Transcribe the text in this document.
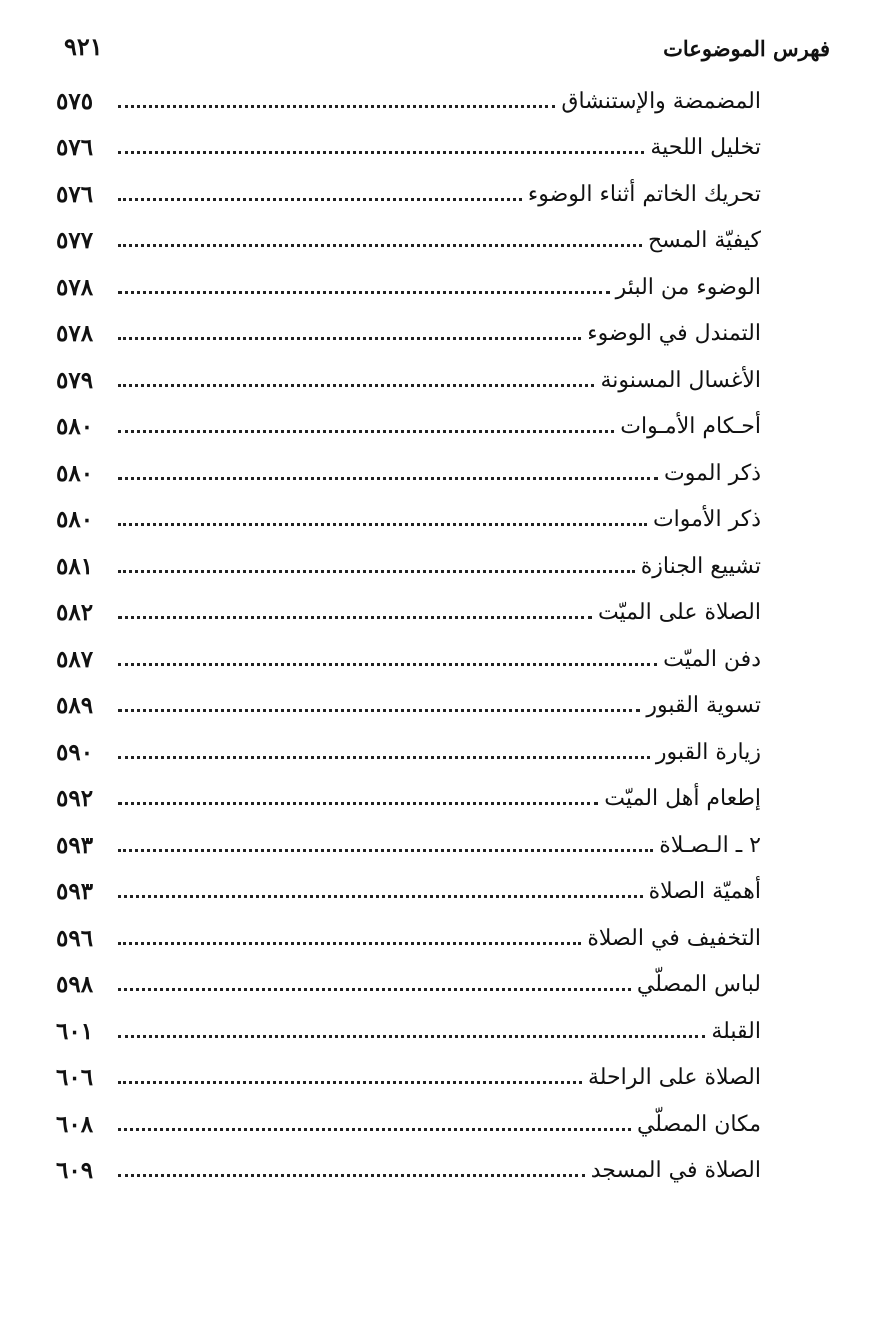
فهرس الموضوعات
٩٢١
المضمضة والإستنشاق
٥٧٥
تخليل اللحية
٥٧٦
تحريك الخاتم أثناء الوضوء
٥٧٦
كيفيّة المسح
٥٧٧
الوضوء من البئر
٥٧٨
التمندل في الوضوء
٥٧٨
الأغسال المسنونة
٥٧٩
أحـكام الأمـوات
٥٨٠
ذكر الموت
٥٨٠
ذكر الأموات
٥٨٠
تشييع الجنازة
٥٨١
الصلاة على الميّت
٥٨٢
دفن الميّت
٥٨٧
تسوية القبور
٥٨٩
زيارة القبور
٥٩٠
إطعام أهل الميّت
٥٩٢
٢ ـ الـصـلاة
٥٩٣
أهميّة الصلاة
٥٩٣
التخفيف في الصلاة
٥٩٦
لباس المصلّي
٥٩٨
القبلة
٦٠١
الصلاة على الراحلة
٦٠٦
مكان المصلّي
٦٠٨
الصلاة في المسجد
٦٠٩
